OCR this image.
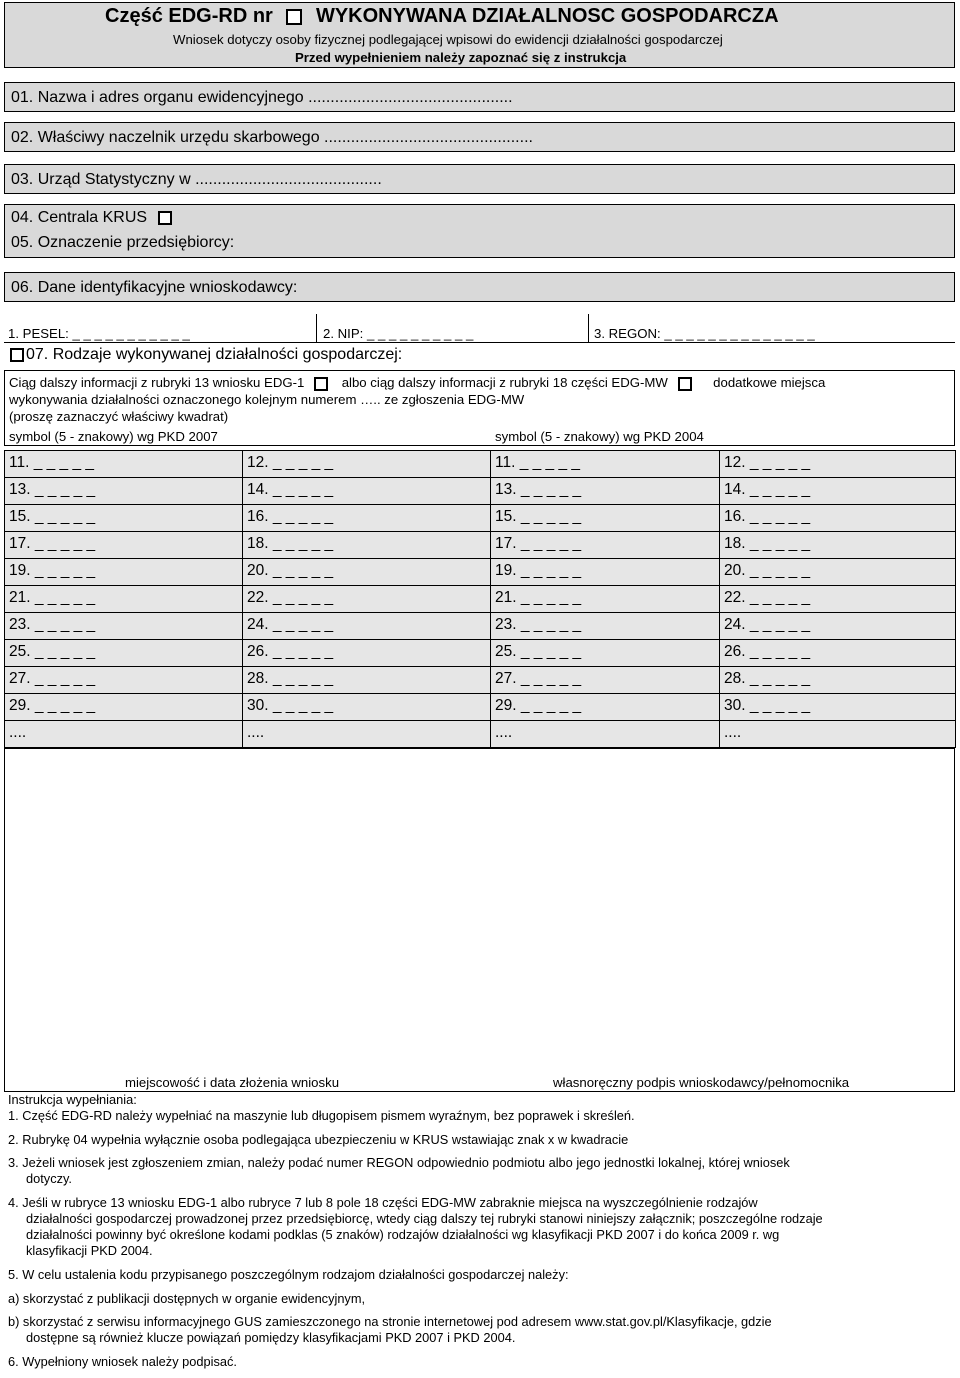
Część EDG-RD nr WYKONYWANA DZIAŁALNOSC GOSPODARCZA
Wniosek dotyczy osoby fizycznej podlegającej wpisowi do ewidencji działalności gospodarczej
Przed wypełnieniem należy zapoznać się z instrukcja
01. Nazwa i adres organu ewidencyjnego ..............................................
02. Właściwy naczelnik urzędu skarbowego ...............................................
03. Urząd Statystyczny w ..........................................
04. Centrala KRUS
05. Oznaczenie przedsiębiorcy:
06. Dane identyfikacyjne wnioskodawcy:
1. PESEL: _ _ _ _ _ _ _ _ _ _ _	2. NIP: _ _ _ _ _ _ _ _ _ _	3. REGON: _ _ _ _ _ _ _ _ _ _ _ _ _ _
07. Rodzaje wykonywanej działalności gospodarczej:
Ciąg dalszy informacji z rubryki 13 wniosku EDG-1	albo ciąg dalszy informacji z rubryki 18 części EDG-MW	dodatkowe miejsca
wykonywania działalności oznaczonego kolejnym numerem ….. ze zgłoszenia EDG-MW
(proszę zaznaczyć właściwy kwadrat)
symbol (5 - znakowy) wg PKD 2007	symbol (5 - znakowy) wg PKD 2004
11. _ _ _ _ _	12. _ _ _ _ _	11. _ _ _ _ _	12. _ _ _ _ _
13. _ _ _ _ _	14. _ _ _ _ _	13. _ _ _ _ _	14. _ _ _ _ _
15. _ _ _ _ _	16. _ _ _ _ _	15. _ _ _ _ _	16. _ _ _ _ _
17. _ _ _ _ _	18. _ _ _ _ _	17. _ _ _ _ _	18. _ _ _ _ _
19. _ _ _ _ _	20. _ _ _ _ _	19. _ _ _ _ _	20. _ _ _ _ _
21. _ _ _ _ _	22. _ _ _ _ _	21. _ _ _ _ _	22. _ _ _ _ _
23. _ _ _ _ _	24. _ _ _ _ _	23. _ _ _ _ _	24. _ _ _ _ _
25. _ _ _ _ _	26. _ _ _ _ _	25. _ _ _ _ _	26. _ _ _ _ _
27. _ _ _ _ _	28. _ _ _ _ _	27. _ _ _ _ _	28. _ _ _ _ _
29. _ _ _ _ _	30. _ _ _ _ _	29. _ _ _ _ _	30. _ _ _ _ _
....	....	....	....
miejscowość i data złożenia wniosku	własnoręczny podpis wnioskodawcy/pełnomocnika
Instrukcja wypełniania:
1. Część EDG-RD należy wypełniać na maszynie lub długopisem pismem wyraźnym, bez poprawek i skreśleń.
2. Rubrykę 04 wypełnia wyłącznie osoba podlegająca ubezpieczeniu w KRUS wstawiając znak x w kwadracie
3. Jeżeli wniosek jest zgłoszeniem zmian, należy podać numer REGON odpowiednio podmiotu albo jego jednostki lokalnej, której wniosek
dotyczy.
4. Jeśli w rubryce 13 wniosku EDG-1 albo rubryce 7 lub 8 pole 18 części EDG-MW zabraknie miejsca na wyszczególnienie rodzajów
działalności gospodarczej prowadzonej przez przedsiębiorcę, wtedy ciąg dalszy tej rubryki stanowi niniejszy załącznik; poszczególne rodzaje
działalności powinny być określone kodami podklas (5 znaków) rodzajów działalności wg klasyfikacji PKD 2007 i do końca 2009 r. wg
klasyfikacji PKD 2004.
5. W celu ustalenia kodu przypisanego poszczególnym rodzajom działalności gospodarczej należy:
a) skorzystać z publikacji dostępnych w organie ewidencyjnym,
b) skorzystać z serwisu informacyjnego GUS zamieszczonego na stronie internetowej pod adresem www.stat.gov.pl/Klasyfikacje, gdzie
dostępne są również klucze powiązań pomiędzy klasyfikacjami PKD 2007 i PKD 2004.
6. Wypełniony wniosek należy podpisać.
